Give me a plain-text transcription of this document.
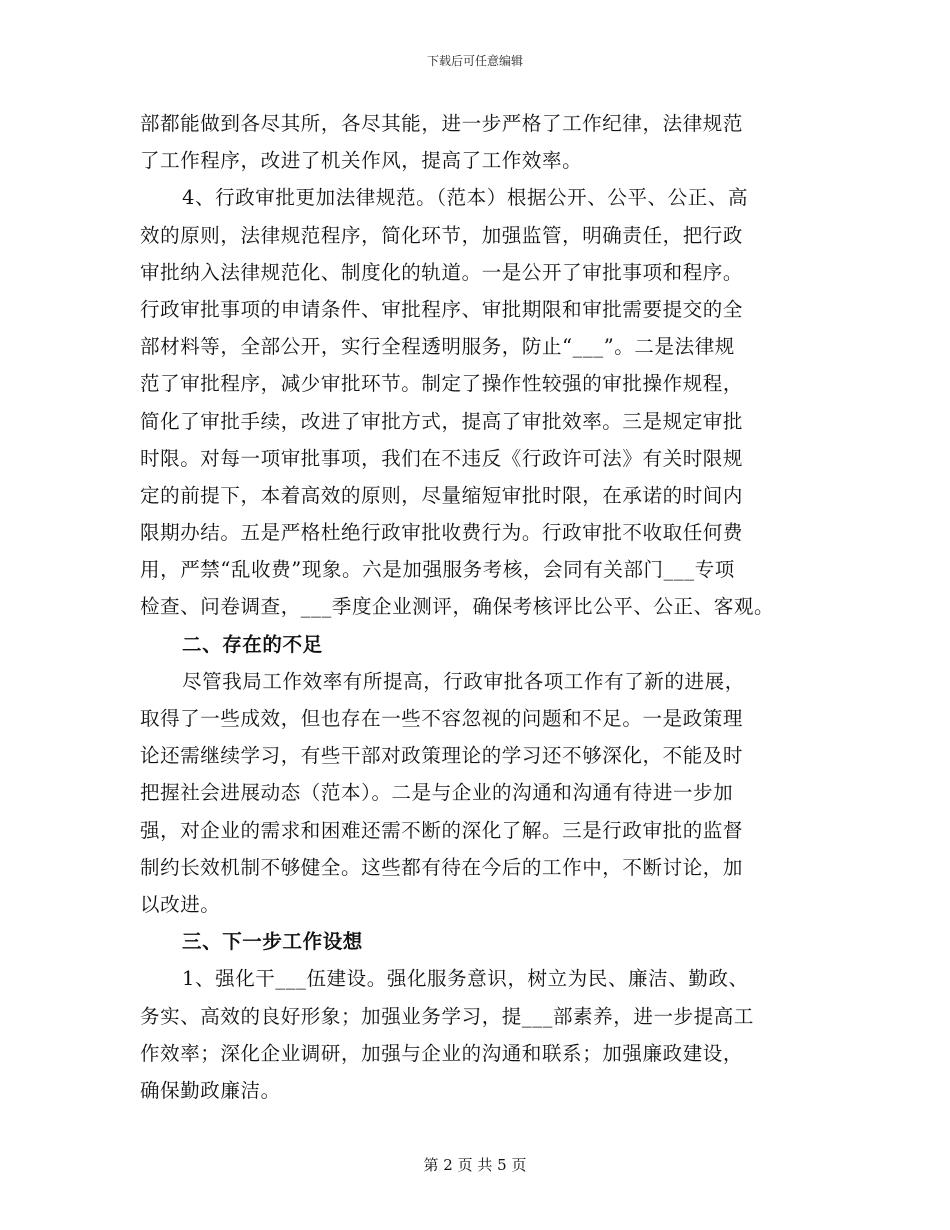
下载后可任意编辑
部都能做到各尽其所，各尽其能，进一步严格了工作纪律，法律规范
了工作程序，改进了机关作风，提高了工作效率。
4、行政审批更加法律规范。（范本）根据公开、公平、公正、高
效的原则，法律规范程序，简化环节，加强监管，明确责任，把行政
审批纳入法律规范化、制度化的轨道。一是公开了审批事项和程序。
行政审批事项的申请条件、审批程序、审批期限和审批需要提交的全
部材料等，全部公开，实行全程透明服务，防止“___”。二是法律规
范了审批程序，减少审批环节。制定了操作性较强的审批操作规程，
简化了审批手续，改进了审批方式，提高了审批效率。三是规定审批
时限。对每一项审批事项，我们在不违反《行政许可法》有关时限规
定的前提下，本着高效的原则，尽量缩短审批时限，在承诺的时间内
限期办结。五是严格杜绝行政审批收费行为。行政审批不收取任何费
用，严禁“乱收费”现象。六是加强服务考核，会同有关部门___专项
检查、问卷调查，___季度企业测评，确保考核评比公平、公正、客观。
二、存在的不足
尽管我局工作效率有所提高，行政审批各项工作有了新的进展，
取得了一些成效，但也存在一些不容忽视的问题和不足。一是政策理
论还需继续学习，有些干部对政策理论的学习还不够深化，不能及时
把握社会进展动态（范本）。二是与企业的沟通和沟通有待进一步加
强，对企业的需求和困难还需不断的深化了解。三是行政审批的监督
制约长效机制不够健全。这些都有待在今后的工作中，不断讨论，加
以改进。
三、下一步工作设想
1、强化干___伍建设。强化服务意识，树立为民、廉洁、勤政、
务实、高效的良好形象；加强业务学习，提___部素养，进一步提高工
作效率；深化企业调研，加强与企业的沟通和联系；加强廉政建设，
确保勤政廉洁。
第 2 页 共 5 页
